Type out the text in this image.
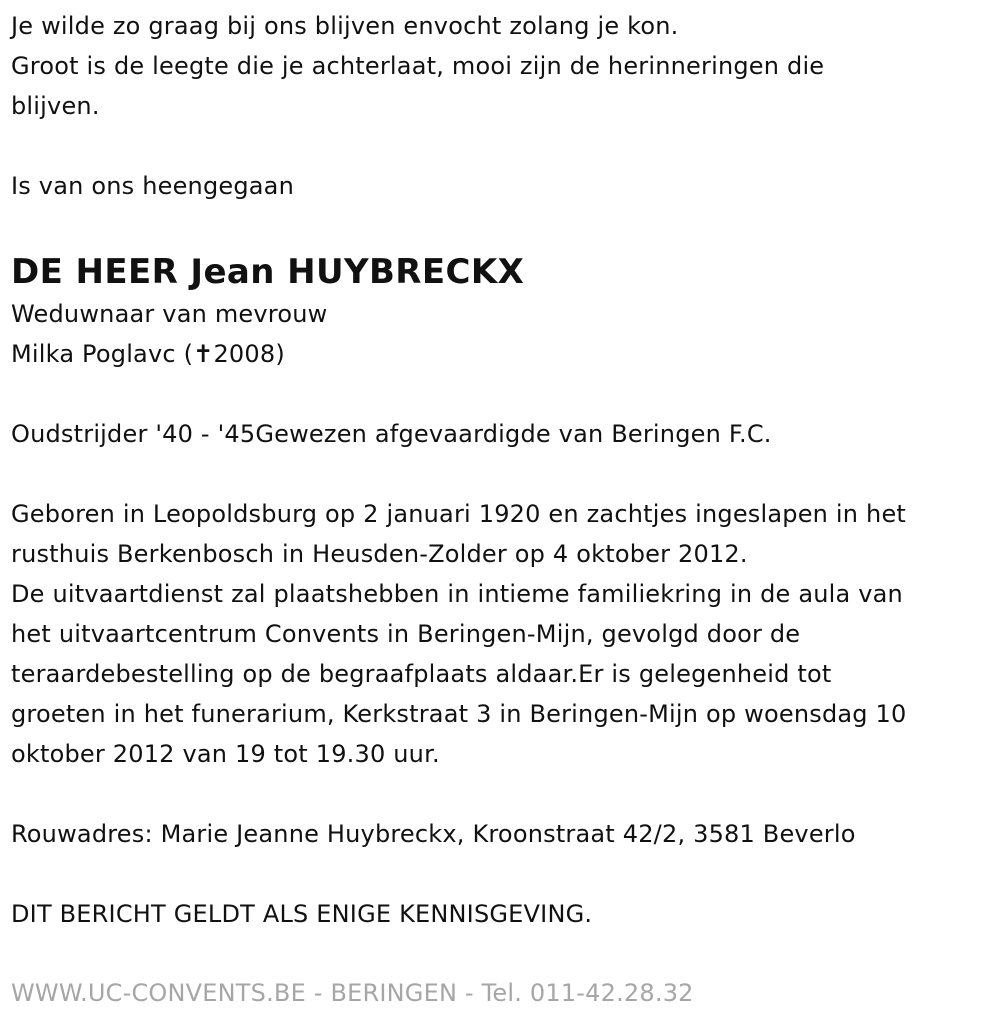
Je wilde zo graag bij ons blijven envocht zolang je kon.
Groot is de leegte die je achterlaat, mooi zijn de herinneringen die
blijven.
Is van ons heengegaan
DE HEER Jean HUYBRECKX
Weduwnaar van mevrouw
Milka Poglavc (✝2008)
Oudstrijder '40 - '45Gewezen afgevaardigde van Beringen F.C.
Geboren in Leopoldsburg op 2 januari 1920 en zachtjes ingeslapen in het
rusthuis Berkenbosch in Heusden-Zolder op 4 oktober 2012.
De uitvaartdienst zal plaatshebben in intieme familiekring in de aula van
het uitvaartcentrum Convents in Beringen-Mijn, gevolgd door de
teraardebestelling op de begraafplaats aldaar.Er is gelegenheid tot
groeten in het funerarium, Kerkstraat 3 in Beringen-Mijn op woensdag 10
oktober 2012 van 19 tot 19.30 uur.
Rouwadres: Marie Jeanne Huybreckx, Kroonstraat 42/2, 3581 Beverlo
DIT BERICHT GELDT ALS ENIGE KENNISGEVING.
WWW.UC-CONVENTS.BE - BERINGEN - Tel. 011-42.28.32
